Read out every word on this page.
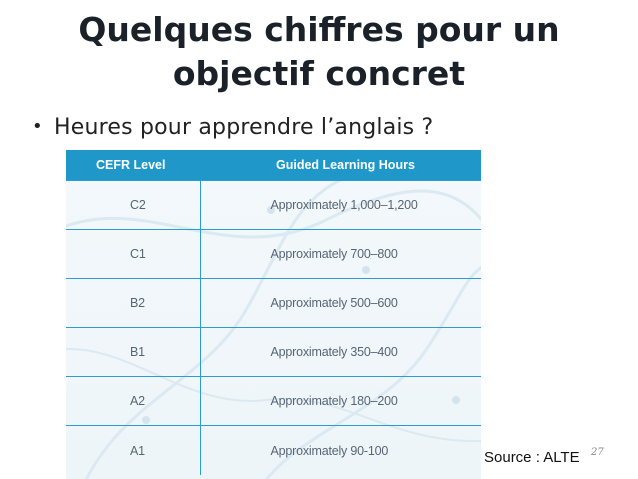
Quelques chiffres pour un
objectif concret
• Heures pour apprendre l’anglais ?
CEFR Level	Guided Learning Hours
C2	Approximately 1,000–1,200
C1	Approximately 700–800
B2	Approximately 500–600
B1	Approximately 350–400
A2	Approximately 180–200
A1	Approximately 90-100	Source : ALTE 27
